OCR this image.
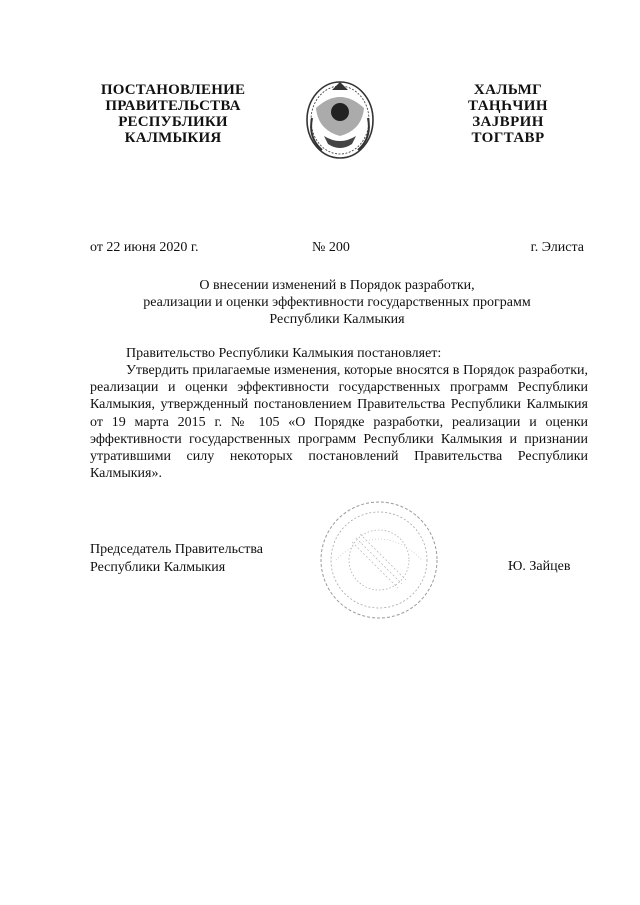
ПОСТАНОВЛЕНИЕ
ПРАВИТЕЛЬСТВА
РЕСПУБЛИКИ
КАЛМЫКИЯ
ХАЛЬМГ
ТАҢҺЧИН
ЗАЈВРИН
ТОГТАВР
от 22 июня 2020 г.	№ 200	г. Элиста
О внесении изменений в Порядок разработки,
реализации и оценки эффективности государственных программ
Республики Калмыкия
Правительство Республики Калмыкия постановляет:
Утвердить прилагаемые изменения, которые вносятся в Порядок разработки, реализации и оценки эффективности государственных программ Республики Калмыкия, утвержденный постановлением Правительства Республики Калмыкия от 19 марта 2015 г. № 105 «О Порядке разработки, реализации и оценки эффективности государственных программ Республики Калмыкия и признании утратившими силу некоторых постановлений Правительства Республики Калмыкия».
Председатель Правительства
Республики Калмыкия	Ю. Зайцев
